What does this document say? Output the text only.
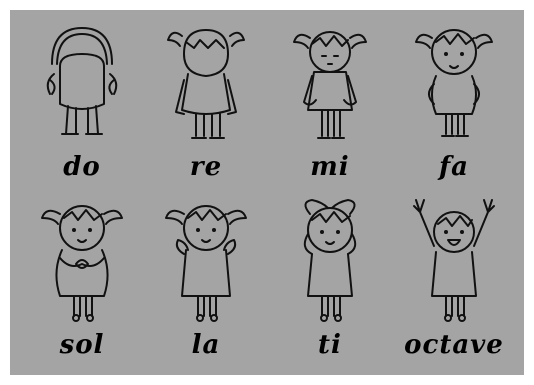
do	re	mi	fa
sol	la	ti	octave
